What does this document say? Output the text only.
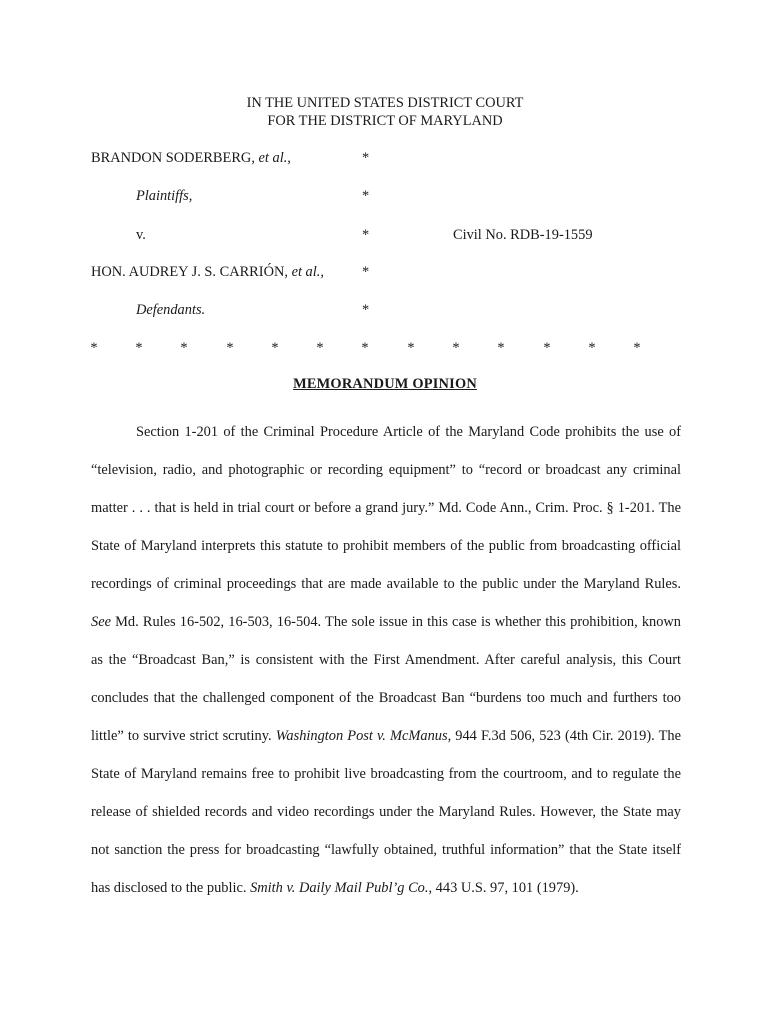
IN THE UNITED STATES DISTRICT COURT
FOR THE DISTRICT OF MARYLAND
BRANDON SODERBERG, et al.,	*
Plaintiffs,	*
v.	*	Civil No. RDB-19-1559
HON. AUDREY J. S. CARRIÓN, et al.,	*
Defendants.	*
*	*	*	*	*	*	*	*	*	*	*	*	*
MEMORANDUM OPINION

Section 1-201 of the Criminal Procedure Article of the Maryland Code prohibits the use of “television, radio, and photographic or recording equipment” to “record or broadcast any criminal matter . . . that is held in trial court or before a grand jury.” Md. Code Ann., Crim. Proc. § 1-201. The State of Maryland interprets this statute to prohibit members of the public from broadcasting official recordings of criminal proceedings that are made available to the public under the Maryland Rules. See Md. Rules 16-502, 16-503, 16-504. The sole issue in this case is whether this prohibition, known as the “Broadcast Ban,” is consistent with the First Amendment. After careful analysis, this Court concludes that the challenged component of the Broadcast Ban “burdens too much and furthers too little” to survive strict scrutiny. Washington Post v. McManus, 944 F.3d 506, 523 (4th Cir. 2019). The State of Maryland remains free to prohibit live broadcasting from the courtroom, and to regulate the release of shielded records and video recordings under the Maryland Rules. However, the State may not sanction the press for broadcasting “lawfully obtained, truthful information” that the State itself has disclosed to the public. Smith v. Daily Mail Publ’g Co., 443 U.S. 97, 101 (1979).
